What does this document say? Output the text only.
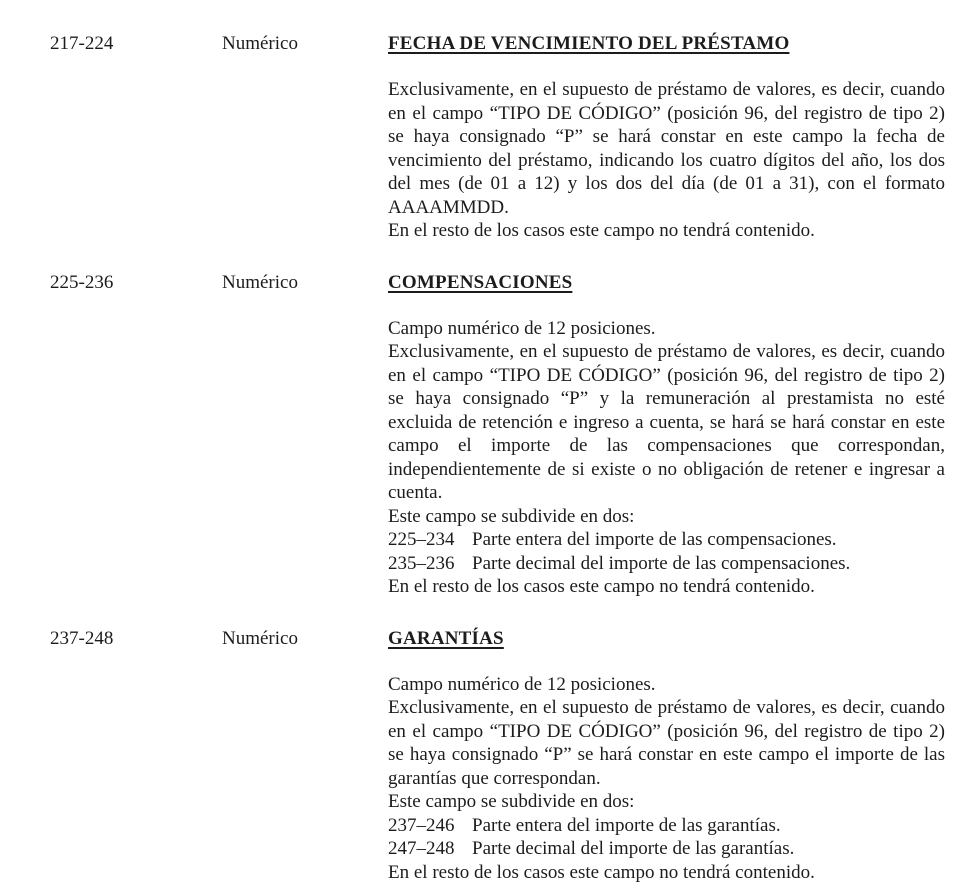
217-224	Numérico	FECHA DE VENCIMIENTO DEL PRÉSTAMO

Exclusivamente, en el supuesto de préstamo de valores, es decir, cuando en el campo “TIPO DE CÓDIGO” (posición 96, del registro de tipo 2) se haya consignado “P” se hará constar en este campo la fecha de vencimiento del préstamo, indicando los cuatro dígitos del año, los dos del mes (de 01 a 12) y los dos del día (de 01 a 31), con el formato AAAAMMDD.

En el resto de los casos este campo no tendrá contenido.

225-236	Numérico	COMPENSACIONES

Campo numérico de 12 posiciones.

Exclusivamente, en el supuesto de préstamo de valores, es decir, cuando en el campo “TIPO DE CÓDIGO” (posición 96, del registro de tipo 2) se haya consignado “P” y la remuneración al prestamista no esté excluida de retención e ingreso a cuenta, se hará se hará constar en este campo el importe de las compensaciones que correspondan, independientemente de si existe o no obligación de retener e ingresar a cuenta.

Este campo se subdivide en dos:

225–234 Parte entera del importe de las compensaciones.
235–236 Parte decimal del importe de las compensaciones.

En el resto de los casos este campo no tendrá contenido.

237-248	Numérico	GARANTÍAS

Campo numérico de 12 posiciones.

Exclusivamente, en el supuesto de préstamo de valores, es decir, cuando en el campo “TIPO DE CÓDIGO” (posición 96, del registro de tipo 2) se haya consignado “P” se hará constar en este campo el importe de las garantías que correspondan.

Este campo se subdivide en dos:

237–246 Parte entera del importe de las garantías.
247–248 Parte decimal del importe de las garantías.

En el resto de los casos este campo no tendrá contenido.
